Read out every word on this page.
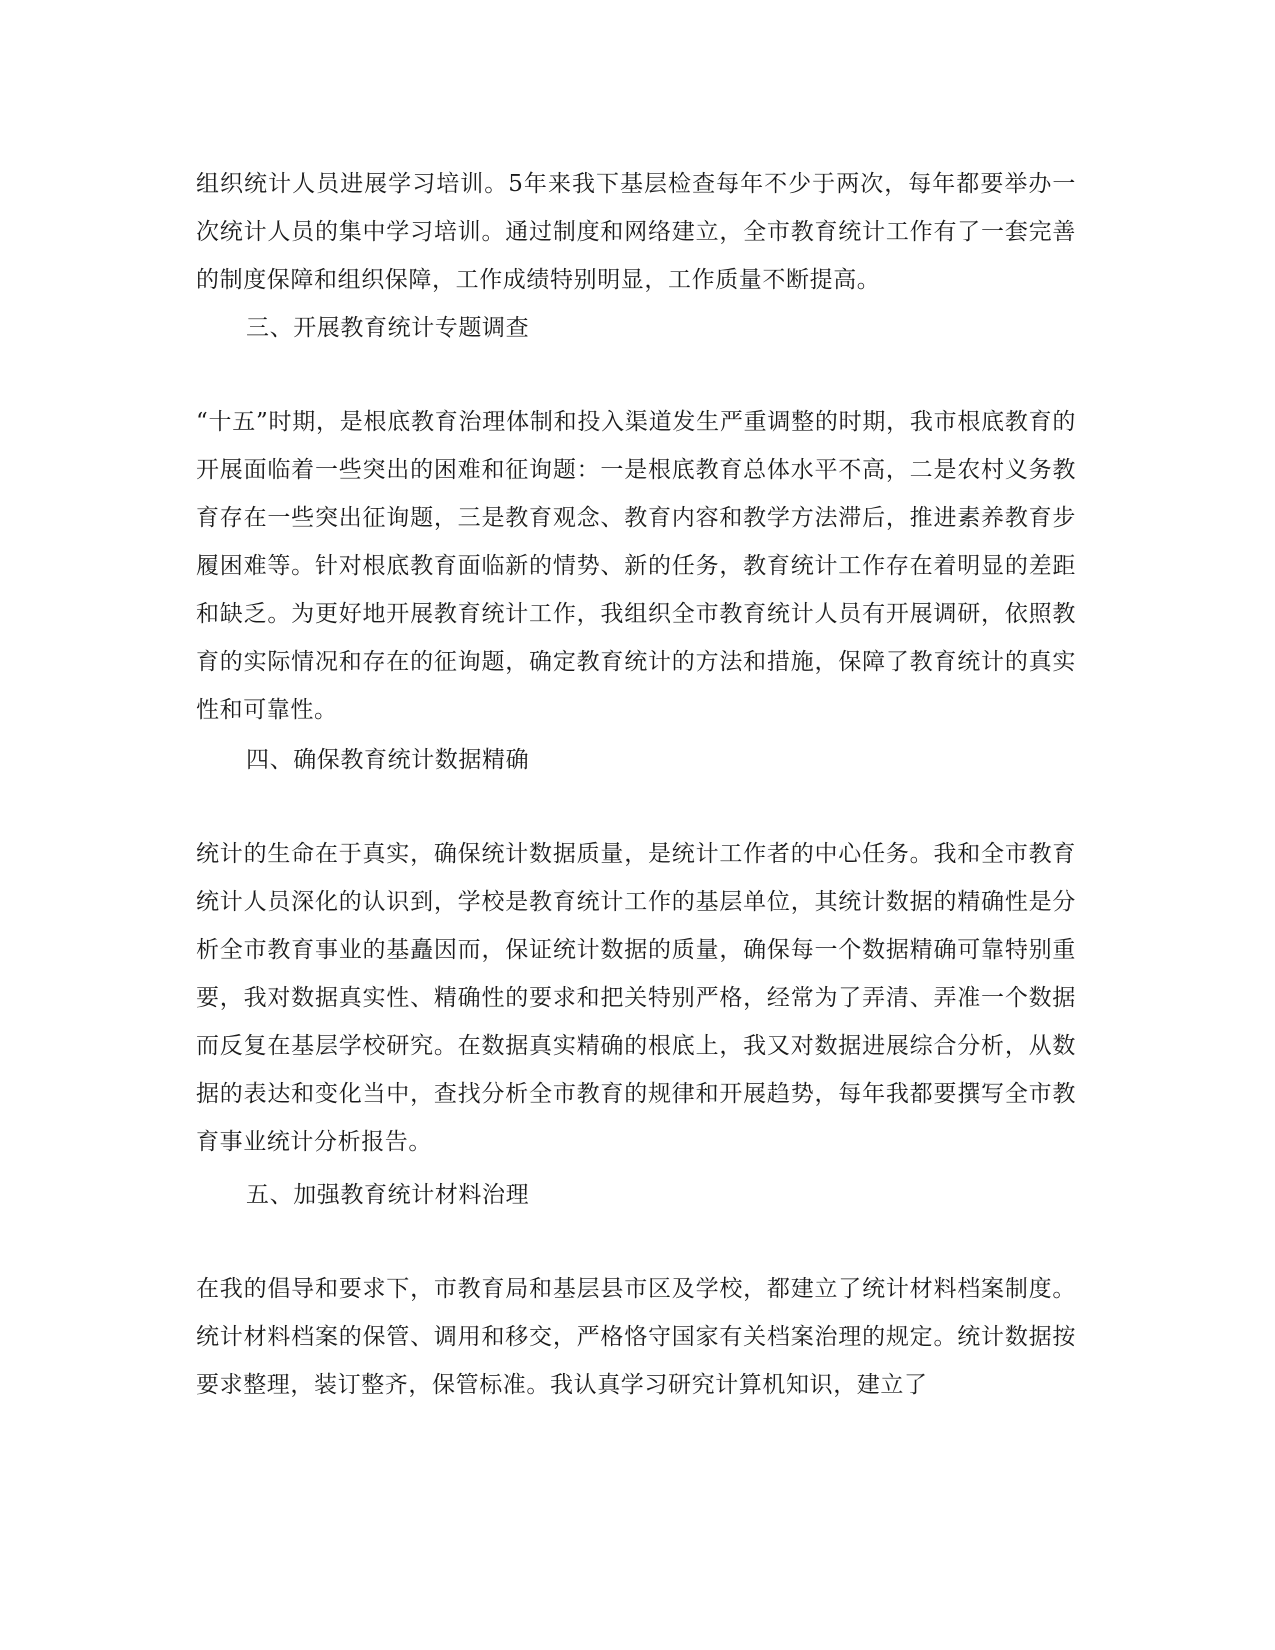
组织统计人员进展学习培训。5年来我下基层检查每年不少于两次，每年都要举办一次统计人员的集中学习培训。通过制度和网络建立，全市教育统计工作有了一套完善的制度保障和组织保障，工作成绩特别明显，工作质量不断提高。

三、开展教育统计专题调查

“十五”时期，是根底教育治理体制和投入渠道发生严重调整的时期，我市根底教育的开展面临着一些突出的困难和征询题：一是根底教育总体水平不高，二是农村义务教育存在一些突出征询题，三是教育观念、教育内容和教学方法滞后，推进素养教育步履困难等。针对根底教育面临新的情势、新的任务，教育统计工作存在着明显的差距和缺乏。为更好地开展教育统计工作，我组织全市教育统计人员有开展调研，依照教育的实际情况和存在的征询题，确定教育统计的方法和措施，保障了教育统计的真实性和可靠性。

四、确保教育统计数据精确

统计的生命在于真实，确保统计数据质量，是统计工作者的中心任务。我和全市教育统计人员深化的认识到，学校是教育统计工作的基层单位，其统计数据的精确性是分析全市教育事业的基矗因而，保证统计数据的质量，确保每一个数据精确可靠特别重要，我对数据真实性、精确性的要求和把关特别严格，经常为了弄清、弄准一个数据而反复在基层学校研究。在数据真实精确的根底上，我又对数据进展综合分析，从数据的表达和变化当中，查找分析全市教育的规律和开展趋势，每年我都要撰写全市教育事业统计分析报告。

五、加强教育统计材料治理

在我的倡导和要求下，市教育局和基层县市区及学校，都建立了统计材料档案制度。统计材料档案的保管、调用和移交，严格恪守国家有关档案治理的规定。统计数据按要求整理，装订整齐，保管标准。我认真学习研究计算机知识，建立了
